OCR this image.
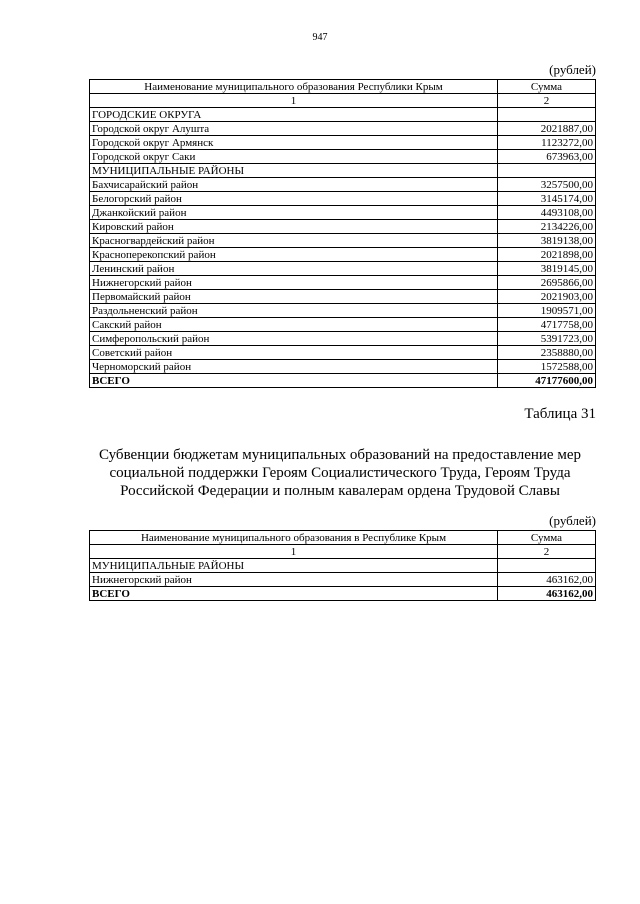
947
(рублей)
Наименование муниципального образования Республики Крым	Сумма
1	2
ГОРОДСКИЕ ОКРУГА	
Городской округ Алушта	2021887,00
Городской округ Армянск	1123272,00
Городской округ Саки	673963,00
МУНИЦИПАЛЬНЫЕ РАЙОНЫ	
Бахчисарайский район	3257500,00
Белогорский район	3145174,00
Джанкойский район	4493108,00
Кировский район	2134226,00
Красногвардейский район	3819138,00
Красноперекопский район	2021898,00
Ленинский район	3819145,00
Нижнегорский район	2695866,00
Первомайский район	2021903,00
Раздольненский район	1909571,00
Сакский район	4717758,00
Симферопольский район	5391723,00
Советский район	2358880,00
Черноморский район	1572588,00
ВСЕГО	47177600,00
Таблица 31
Субвенции бюджетам муниципальных образований на предоставление мер
социальной поддержки Героям Социалистического Труда, Героям Труда
Российской Федерации и полным кавалерам ордена Трудовой Славы
(рублей)
Наименование муниципального образования в Республике Крым	Сумма
1	2
МУНИЦИПАЛЬНЫЕ РАЙОНЫ	
Нижнегорский район	463162,00
ВСЕГО	463162,00
